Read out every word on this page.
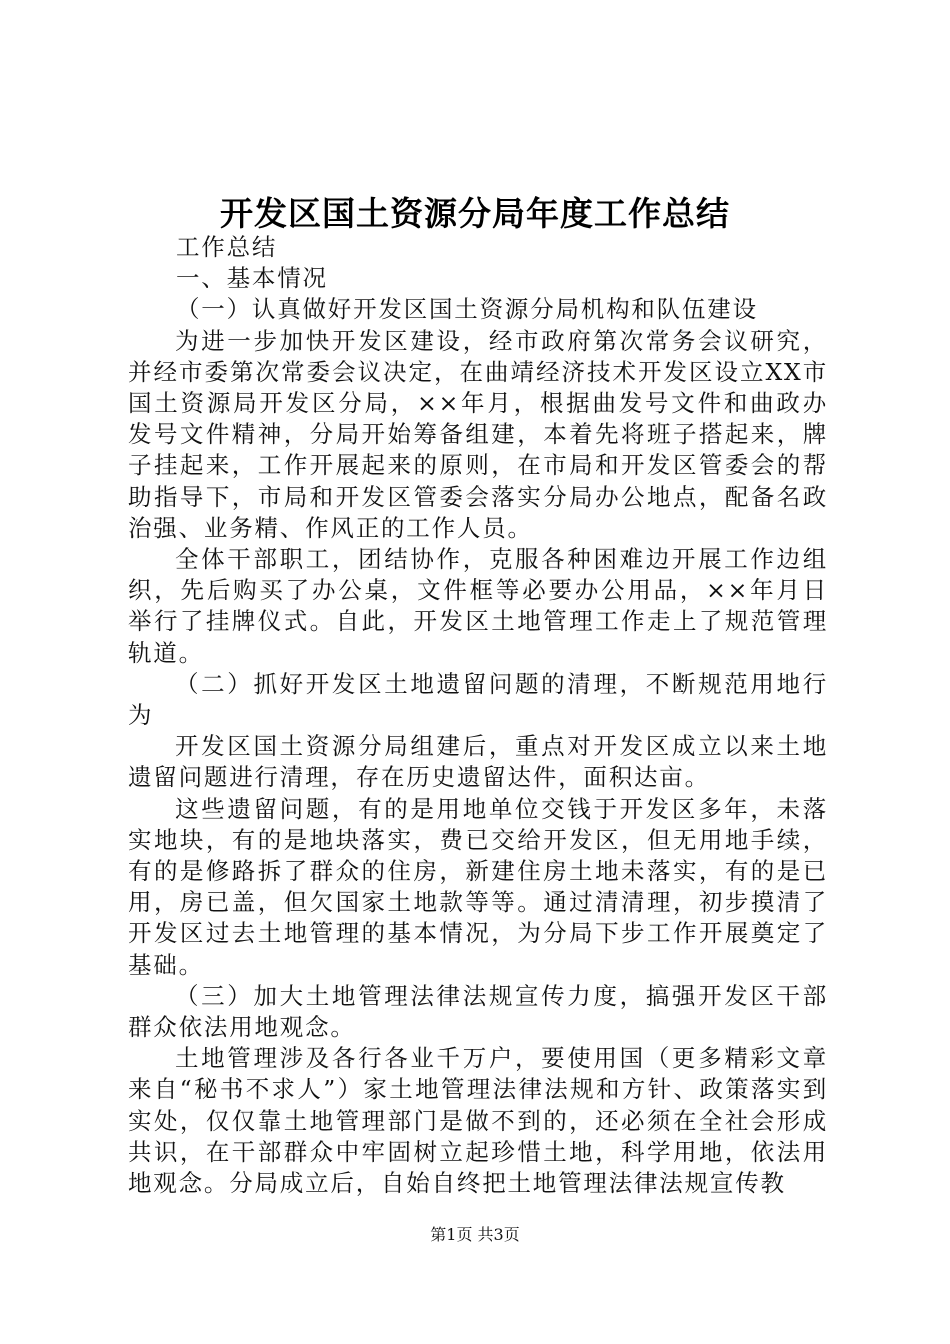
开发区国土资源分局年度工作总结

工作总结

一、基本情况

（一）认真做好开发区国土资源分局机构和队伍建设

为进一步加快开发区建设，经市政府第次常务会议研究，并经市委第次常委会议决定，在曲靖经济技术开发区设立XX市国土资源局开发区分局，××年月，根据曲发号文件和曲政办发号文件精神，分局开始筹备组建，本着先将班子搭起来，牌子挂起来，工作开展起来的原则，在市局和开发区管委会的帮助指导下，市局和开发区管委会落实分局办公地点，配备名政治强、业务精、作风正的工作人员。

全体干部职工，团结协作，克服各种困难边开展工作边组织，先后购买了办公桌，文件框等必要办公用品，××年月日举行了挂牌仪式。自此，开发区土地管理工作走上了规范管理轨道。

（二）抓好开发区土地遗留问题的清理，不断规范用地行为

开发区国土资源分局组建后，重点对开发区成立以来土地遗留问题进行清理，存在历史遗留达件，面积达亩。

这些遗留问题，有的是用地单位交钱于开发区多年，未落实地块，有的是地块落实，费已交给开发区，但无用地手续，有的是修路拆了群众的住房，新建住房土地未落实，有的是已用，房已盖，但欠国家土地款等等。通过清清理，初步摸清了开发区过去土地管理的基本情况，为分局下步工作开展奠定了基础。

（三）加大土地管理法律法规宣传力度，搞强开发区干部群众依法用地观念。

土地管理涉及各行各业千万户，要使用国（更多精彩文章来自“秘书不求人”）家土地管理法律法规和方针、政策落实到实处，仅仅靠土地管理部门是做不到的，还必须在全社会形成共识，在干部群众中牢固树立起珍惜土地，科学用地，依法用地观念。分局成立后，自始自终把土地管理法律法规宣传教

第1页 共3页
